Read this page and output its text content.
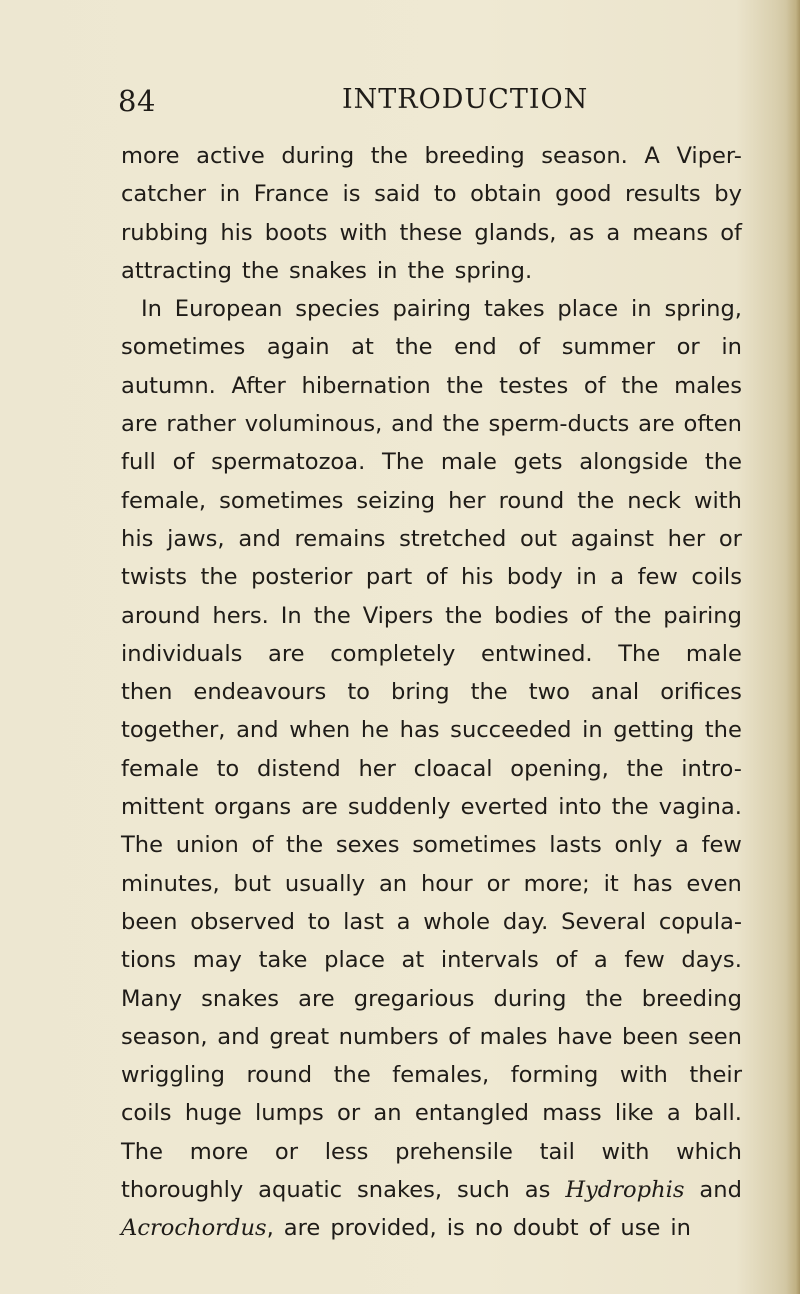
84	INTRODUCTION
more active during the breeding season. A Viper-
catcher in France is said to obtain good results by
rubbing his boots with these glands, as a means of
attracting the snakes in the spring.
In European species pairing takes place in spring,
sometimes again at the end of summer or in
autumn. After hibernation the testes of the males
are rather voluminous, and the sperm-ducts are often
full of spermatozoa. The male gets alongside the
female, sometimes seizing her round the neck with
his jaws, and remains stretched out against her or
twists the posterior part of his body in a few coils
around hers. In the Vipers the bodies of the pairing
individuals are completely entwined. The male
then endeavours to bring the two anal orifices
together, and when he has succeeded in getting the
female to distend her cloacal opening, the intro-
mittent organs are suddenly everted into the vagina.
The union of the sexes sometimes lasts only a few
minutes, but usually an hour or more; it has even
been observed to last a whole day. Several copula-
tions may take place at intervals of a few days.
Many snakes are gregarious during the breeding
season, and great numbers of males have been seen
wriggling round the females, forming with their
coils huge lumps or an entangled mass like a ball.
The more or less prehensile tail with which
thoroughly aquatic snakes, such as Hydrophis and
Acrochordus, are provided, is no doubt of use in
